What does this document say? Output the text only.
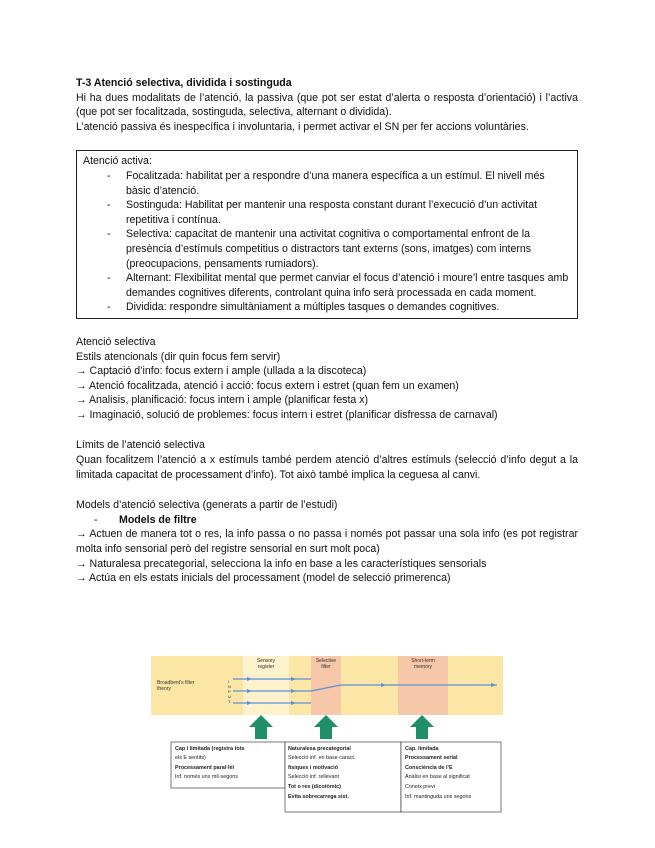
T-3 Atenció selectiva, dividida i sostinguda

Hi ha dues modalitats de l’atenció, la passiva (que pot ser estat d’alerta o resposta d’orientació) i l’activa (que pot ser focalitzada, sostinguda, selectiva, alternant o dividida).

L’atenció passiva és inespecífica i involuntaria, i permet activar el SN per fer accions voluntàries.

Atenció activa:

- Focalitzada: habilitat per a respondre d’una manera específica a un estímul. El nivell més bàsic d’atenció.
- Sostinguda: Habilitat per mantenir una resposta constant durant l’execució d’un activitat repetitiva i contínua.
- Selectiva: capacitat de mantenir una activitat cognitiva o comportamental enfront de la presència d’estímuls competitius o distractors tant externs (sons, imatges) com interns (preocupacions, pensaments rumiadors).
- Alternant: Flexibilitat mental que permet canviar el focus d’atenció i moure’l entre tasques amb demandes cognitives diferents, controlant quina info serà processada en cada moment.
- Dividida: respondre simultàniament a múltiples tasques o demandes cognitives.

Atenció selectiva

Estils atencionals (dir quin focus fem servir)

→ Captació d’info: focus extern i ample (ullada a la discoteca)

→ Atenció focalitzada, atenció i acció: focus extern i estret (quan fem un examen)

→ Analisis, planificació: focus intern i ample (planificar festa x)

→ Imaginació, solució de problemes: focus intern i estret (planificar disfressa de carnaval)

Límits de l’atenció selectiva

Quan focalitzem l’atenció a x estímuls també perdem atenció d’altres estímuls (selecció d’info degut a la limitada capacitat de processament d’info). Tot això també implica la ceguesa al canvi.

Models d’atenció selectiva (generats a partir de l’estudi)

- Models de filtre

→ Actuen de manera tot o res, la info passa o no passa i només pot passar una sola info (es pot registrar molta info sensorial però del registre sensorial en surt molt poca)

→ Naturalesa precategorial, selecciona la info en base a les característiques sensorials

→ Actúa en els estats inicials del processament (model de selecció primerenca)

Sensory
register
Selective
filter
Short-term
memory
Broadbent’s filter
theory
I
N
P
U
T
Cap i limitada (registra tots
els E sentits)
Processament paral·lel
Inf. només uns mil·segons
Naturalesa precategorial
Selecció inf. en base caract.
físiques i motivació
Selecció inf. rellevant
Tot o res (dicotòmic)
Evita sobrecarrega sist.
Cap. limitada
Processament serial
Consciència de l’E
Anàlisi en base al significat
Coneix previ
Inf. mantinguda uns segons
